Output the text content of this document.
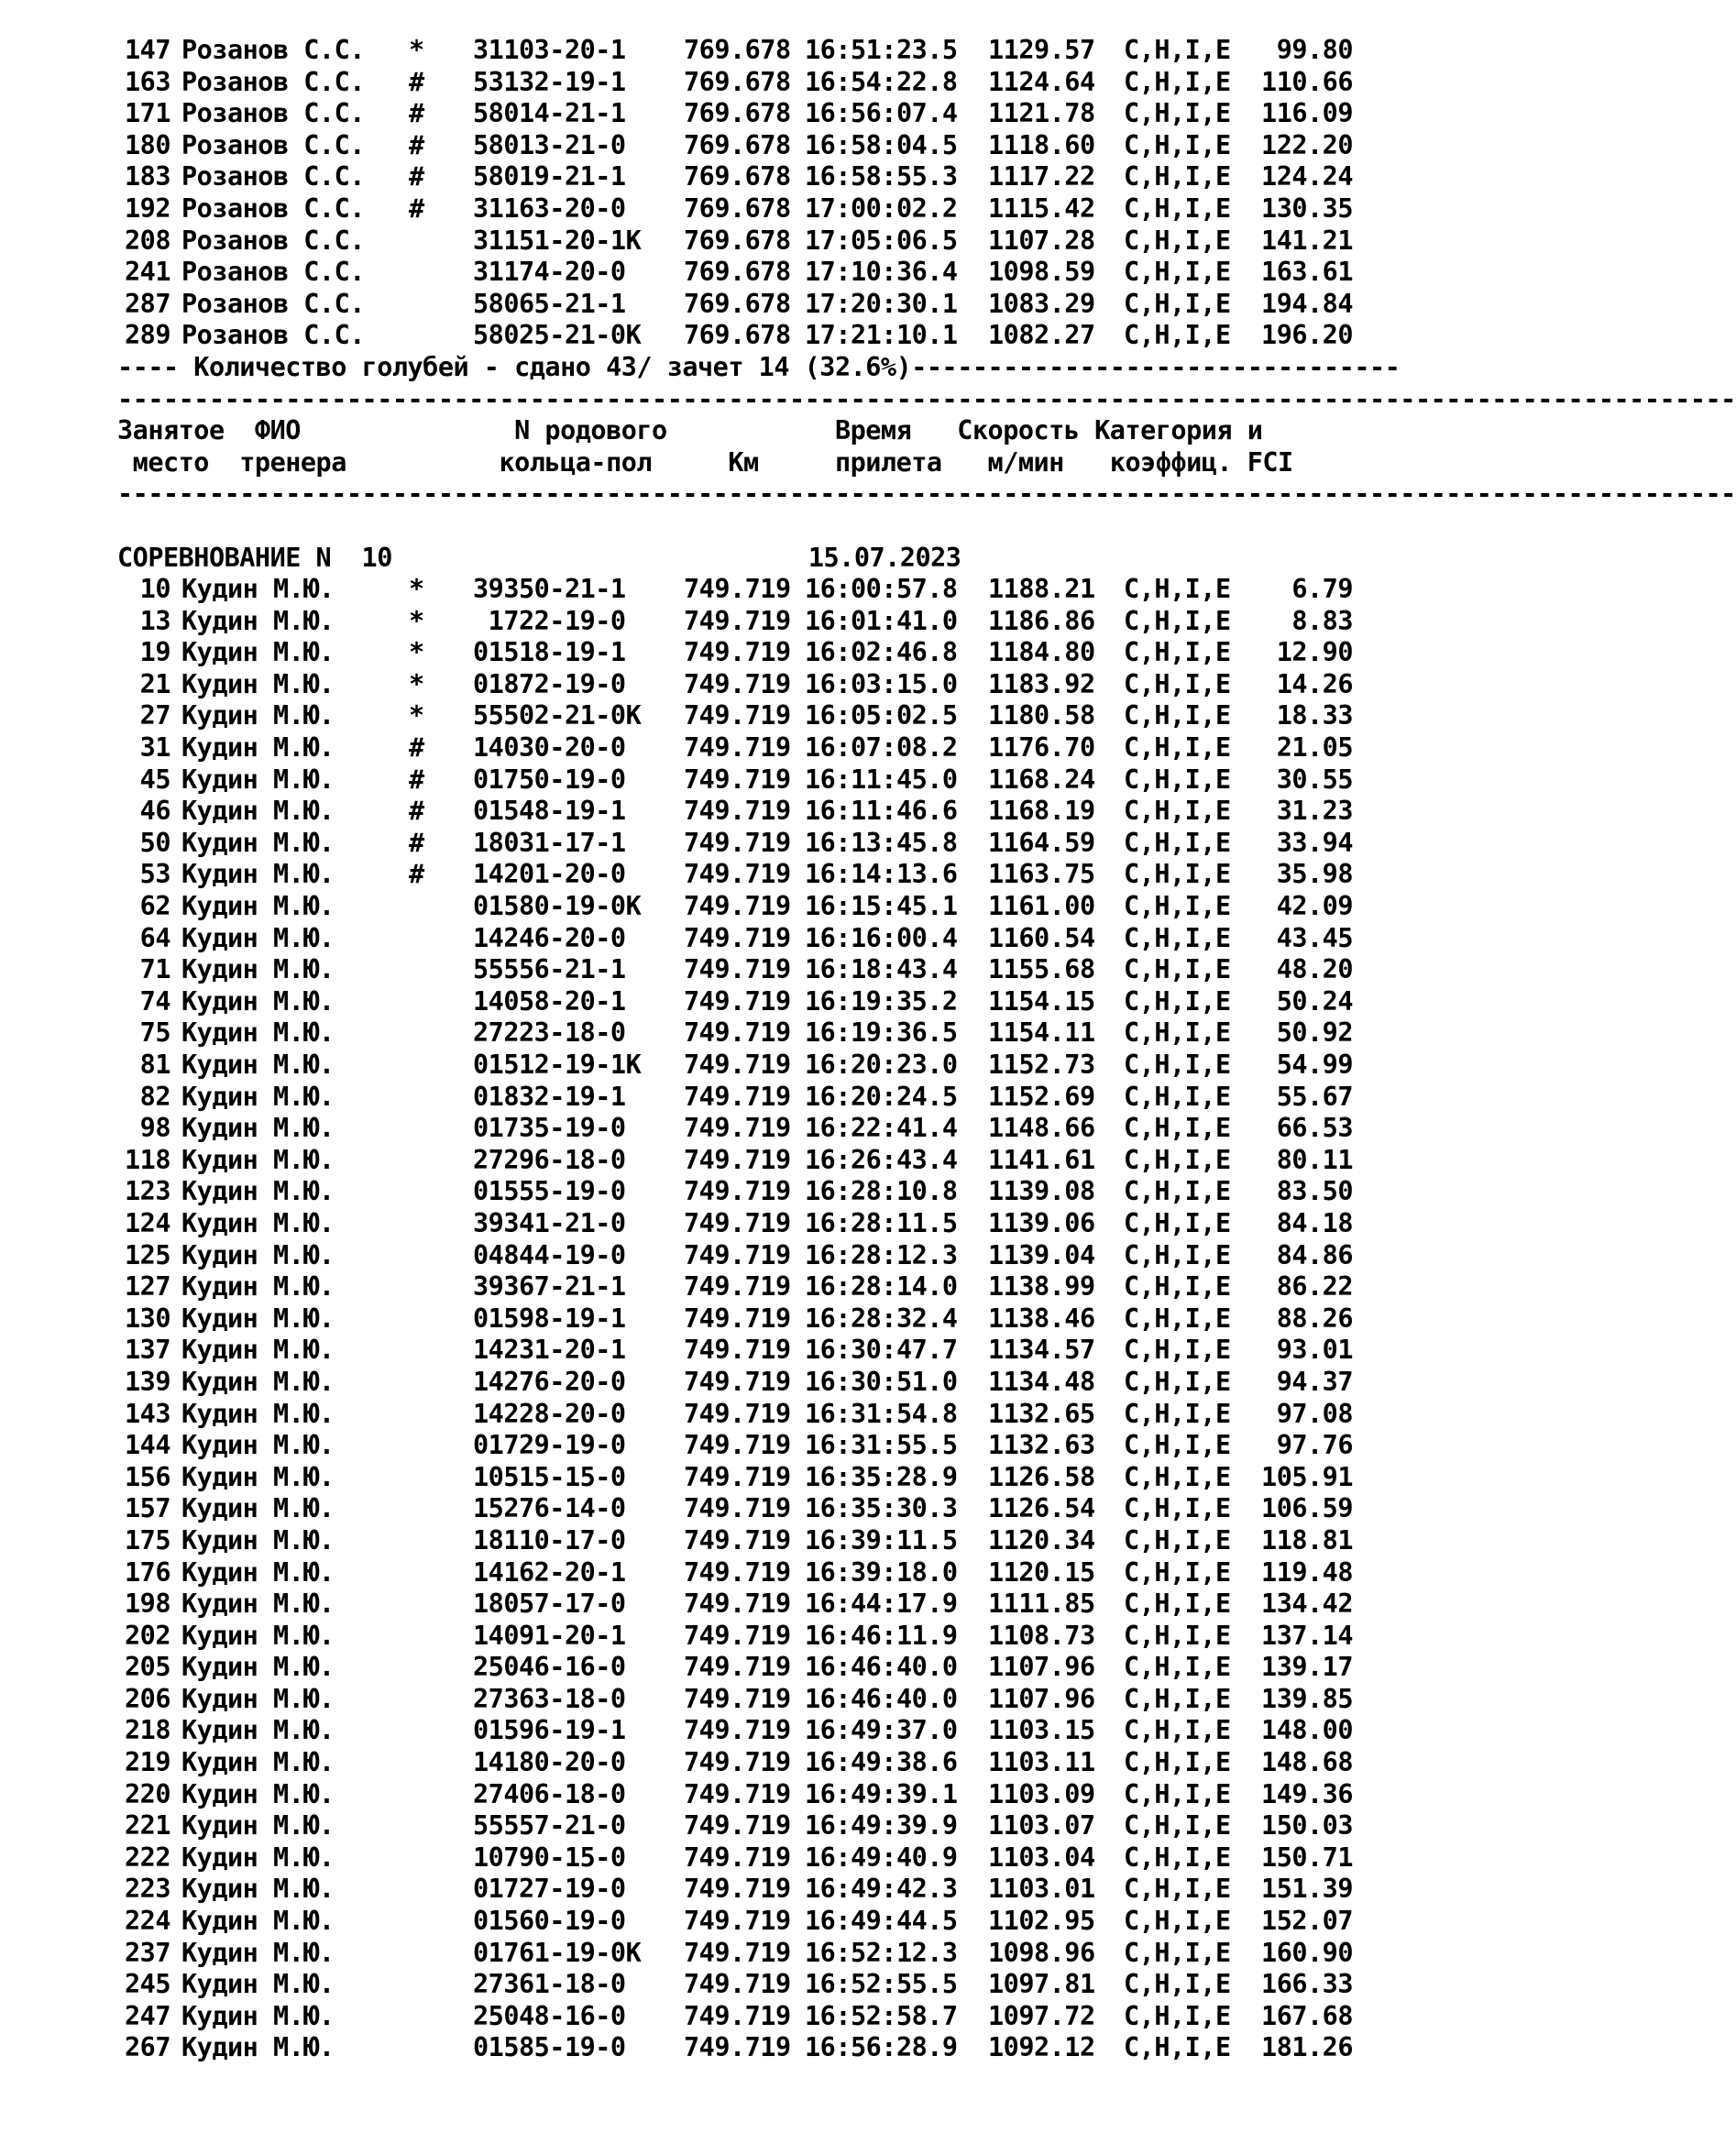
147 Розанов С.С. * 31103-20-1 769.678 16:51:23.5 1129.57 C,H,I,E 99.80
163 Розанов С.С. # 53132-19-1 769.678 16:54:22.8 1124.64 C,H,I,E 110.66
171 Розанов С.С. # 58014-21-1 769.678 16:56:07.4 1121.78 C,H,I,E 116.09
180 Розанов С.С. # 58013-21-0 769.678 16:58:04.5 1118.60 C,H,I,E 122.20
183 Розанов С.С. # 58019-21-1 769.678 16:58:55.3 1117.22 C,H,I,E 124.24
192 Розанов С.С. # 31163-20-0 769.678 17:00:02.2 1115.42 C,H,I,E 130.35
208 Розанов С.С.	31151-20-1K 769.678 17:05:06.5 1107.28 C,H,I,E 141.21
241 Розанов С.С.	31174-20-0 769.678 17:10:36.4 1098.59 C,H,I,E 163.61
287 Розанов С.С.	58065-21-1 769.678 17:20:30.1 1083.29 C,H,I,E 194.84
289 Розанов С.С.	58025-21-0K 769.678 17:21:10.1 1082.27 C,H,I,E 196.20
---- Количество голубей - сдано 43/ зачет 14 (32.6%)--------------------------------
----------------------------------------------------------------------------------------------------------
Занятое  ФИО              N родового           Время   Скорость Категория и
место  тренера          кольца-пол     Км     прилета   м/мин   коэффиц. FCI
----------------------------------------------------------------------------------------------------------
СОРЕВНОВАНИЕ N  10	15.07.2023
10 Кудин М.Ю.	* 39350-21-1 749.719 16:00:57.8 1188.21 C,H,I,E 6.79
13 Кудин М.Ю.	* 1722-19-0 749.719 16:01:41.0 1186.86 C,H,I,E 8.83
19 Кудин М.Ю.	* 01518-19-1 749.719 16:02:46.8 1184.80 C,H,I,E 12.90
21 Кудин М.Ю.	* 01872-19-0 749.719 16:03:15.0 1183.92 C,H,I,E 14.26
27 Кудин М.Ю.	* 55502-21-0K 749.719 16:05:02.5 1180.58 C,H,I,E 18.33
31 Кудин М.Ю.	# 14030-20-0 749.719 16:07:08.2 1176.70 C,H,I,E 21.05
45 Кудин М.Ю.	# 01750-19-0 749.719 16:11:45.0 1168.24 C,H,I,E 30.55
46 Кудин М.Ю.	# 01548-19-1 749.719 16:11:46.6 1168.19 C,H,I,E 31.23
50 Кудин М.Ю.	# 18031-17-1 749.719 16:13:45.8 1164.59 C,H,I,E 33.94
53 Кудин М.Ю.	# 14201-20-0 749.719 16:14:13.6 1163.75 C,H,I,E 35.98
62 Кудин М.Ю.	01580-19-0K 749.719 16:15:45.1 1161.00 C,H,I,E 42.09
64 Кудин М.Ю.	14246-20-0 749.719 16:16:00.4 1160.54 C,H,I,E 43.45
71 Кудин М.Ю.	55556-21-1 749.719 16:18:43.4 1155.68 C,H,I,E 48.20
74 Кудин М.Ю.	14058-20-1 749.719 16:19:35.2 1154.15 C,H,I,E 50.24
75 Кудин М.Ю.	27223-18-0 749.719 16:19:36.5 1154.11 C,H,I,E 50.92
81 Кудин М.Ю.	01512-19-1K 749.719 16:20:23.0 1152.73 C,H,I,E 54.99
82 Кудин М.Ю.	01832-19-1 749.719 16:20:24.5 1152.69 C,H,I,E 55.67
98 Кудин М.Ю.	01735-19-0 749.719 16:22:41.4 1148.66 C,H,I,E 66.53
118 Кудин М.Ю.	27296-18-0 749.719 16:26:43.4 1141.61 C,H,I,E 80.11
123 Кудин М.Ю.	01555-19-0 749.719 16:28:10.8 1139.08 C,H,I,E 83.50
124 Кудин М.Ю.	39341-21-0 749.719 16:28:11.5 1139.06 C,H,I,E 84.18
125 Кудин М.Ю.	04844-19-0 749.719 16:28:12.3 1139.04 C,H,I,E 84.86
127 Кудин М.Ю.	39367-21-1 749.719 16:28:14.0 1138.99 C,H,I,E 86.22
130 Кудин М.Ю.	01598-19-1 749.719 16:28:32.4 1138.46 C,H,I,E 88.26
137 Кудин М.Ю.	14231-20-1 749.719 16:30:47.7 1134.57 C,H,I,E 93.01
139 Кудин М.Ю.	14276-20-0 749.719 16:30:51.0 1134.48 C,H,I,E 94.37
143 Кудин М.Ю.	14228-20-0 749.719 16:31:54.8 1132.65 C,H,I,E 97.08
144 Кудин М.Ю.	01729-19-0 749.719 16:31:55.5 1132.63 C,H,I,E 97.76
156 Кудин М.Ю.	10515-15-0 749.719 16:35:28.9 1126.58 C,H,I,E 105.91
157 Кудин М.Ю.	15276-14-0 749.719 16:35:30.3 1126.54 C,H,I,E 106.59
175 Кудин М.Ю.	18110-17-0 749.719 16:39:11.5 1120.34 C,H,I,E 118.81
176 Кудин М.Ю.	14162-20-1 749.719 16:39:18.0 1120.15 C,H,I,E 119.48
198 Кудин М.Ю.	18057-17-0 749.719 16:44:17.9 1111.85 C,H,I,E 134.42
202 Кудин М.Ю.	14091-20-1 749.719 16:46:11.9 1108.73 C,H,I,E 137.14
205 Кудин М.Ю.	25046-16-0 749.719 16:46:40.0 1107.96 C,H,I,E 139.17
206 Кудин М.Ю.	27363-18-0 749.719 16:46:40.0 1107.96 C,H,I,E 139.85
218 Кудин М.Ю.	01596-19-1 749.719 16:49:37.0 1103.15 C,H,I,E 148.00
219 Кудин М.Ю.	14180-20-0 749.719 16:49:38.6 1103.11 C,H,I,E 148.68
220 Кудин М.Ю.	27406-18-0 749.719 16:49:39.1 1103.09 C,H,I,E 149.36
221 Кудин М.Ю.	55557-21-0 749.719 16:49:39.9 1103.07 C,H,I,E 150.03
222 Кудин М.Ю.	10790-15-0 749.719 16:49:40.9 1103.04 C,H,I,E 150.71
223 Кудин М.Ю.	01727-19-0 749.719 16:49:42.3 1103.01 C,H,I,E 151.39
224 Кудин М.Ю.	01560-19-0 749.719 16:49:44.5 1102.95 C,H,I,E 152.07
237 Кудин М.Ю.	01761-19-0K 749.719 16:52:12.3 1098.96 C,H,I,E 160.90
245 Кудин М.Ю.	27361-18-0 749.719 16:52:55.5 1097.81 C,H,I,E 166.33
247 Кудин М.Ю.	25048-16-0 749.719 16:52:58.7 1097.72 C,H,I,E 167.68
267 Кудин М.Ю.	01585-19-0 749.719 16:56:28.9 1092.12 C,H,I,E 181.26
